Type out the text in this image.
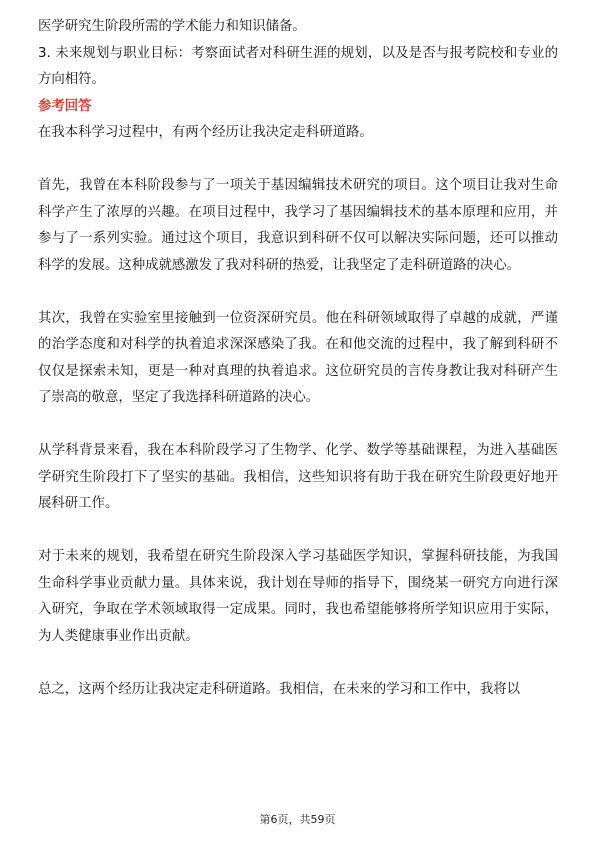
医学研究生阶段所需的学术能力和知识储备。

3. 未来规划与职业目标：考察面试者对科研生涯的规划，以及是否与报考院校和专业的方向相符。

参考回答

在我本科学习过程中，有两个经历让我决定走科研道路。

首先，我曾在本科阶段参与了一项关于基因编辑技术研究的项目。这个项目让我对生命科学产生了浓厚的兴趣。在项目过程中，我学习了基因编辑技术的基本原理和应用，并参与了一系列实验。通过这个项目，我意识到科研不仅可以解决实际问题，还可以推动科学的发展。这种成就感激发了我对科研的热爱，让我坚定了走科研道路的决心。

其次，我曾在实验室里接触到一位资深研究员。他在科研领域取得了卓越的成就，严谨的治学态度和对科学的执着追求深深感染了我。在和他交流的过程中，我了解到科研不仅仅是探索未知，更是一种对真理的执着追求。这位研究员的言传身教让我对科研产生了崇高的敬意，坚定了我选择科研道路的决心。

从学科背景来看，我在本科阶段学习了生物学、化学、数学等基础课程，为进入基础医学研究生阶段打下了坚实的基础。我相信，这些知识将有助于我在研究生阶段更好地开展科研工作。

对于未来的规划，我希望在研究生阶段深入学习基础医学知识，掌握科研技能，为我国生命科学事业贡献力量。具体来说，我计划在导师的指导下，围绕某一研究方向进行深入研究，争取在学术领域取得一定成果。同时，我也希望能够将所学知识应用于实际，为人类健康事业作出贡献。

总之，这两个经历让我决定走科研道路。我相信，在未来的学习和工作中，我将以

第6页，共59页
